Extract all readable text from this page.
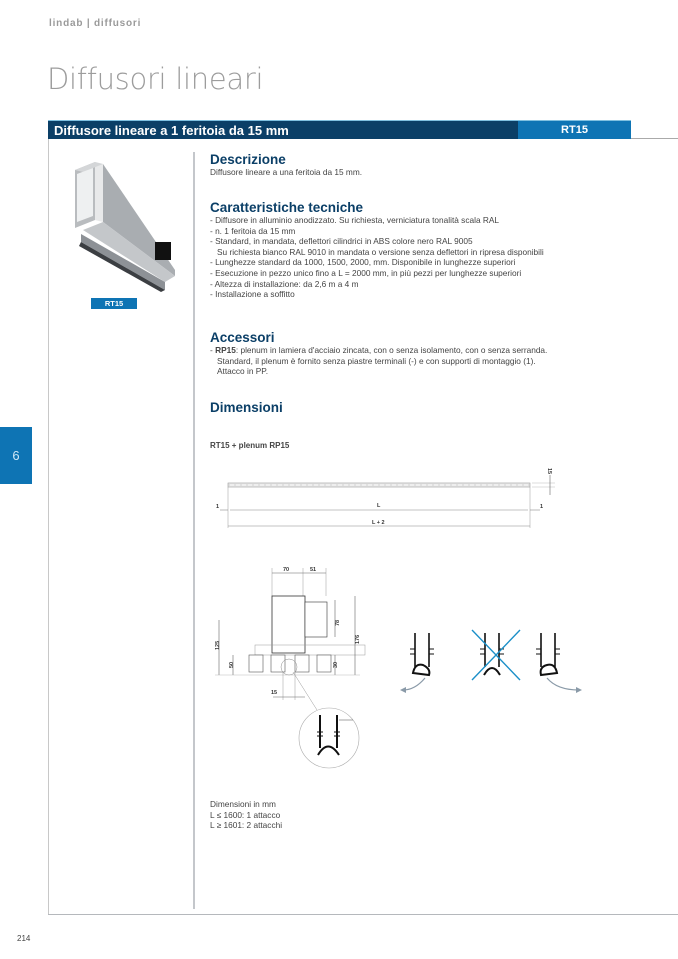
lindab | diffusori
Diffusori lineari
Diffusore lineare a 1 feritoia da 15 mm	RT15
RT15
Descrizione

Diffusore lineare a una feritoia da 15 mm.

Caratteristiche tecniche
- Diffusore in alluminio anodizzato. Su richiesta, verniciatura tonalità scala RAL
- n. 1 feritoia da 15 mm
- Standard, in mandata, deflettori cilindrici in ABS colore nero RAL 9005
Su richiesta bianco RAL 9010 in mandata o versione senza deflettori in ripresa disponibili
- Lunghezze standard da 1000, 1500, 2000, mm. Disponibile in lunghezze superiori
- Esecuzione in pezzo unico fino a L = 2000 mm, in più pezzi per lunghezze superiori
- Altezza di installazione: da 2,6 m a 4 m
- Installazione a soffitto
Accessori

- RP15: plenum in lamiera d'acciaio zincata, con o senza isolamento, con o senza serranda.

Standard, il plenum è fornito senza piastre terminali (-) e con supporti di montaggio (1).

Attacco in PP.

Dimensioni
RT15 + plenum RP15
1	L	1
L + 2
15
70	51
78
176
125
50	30
15
Dimensioni in mm
L ≤ 1600: 1 attacco
L ≥ 1601: 2 attacchi
6
214
